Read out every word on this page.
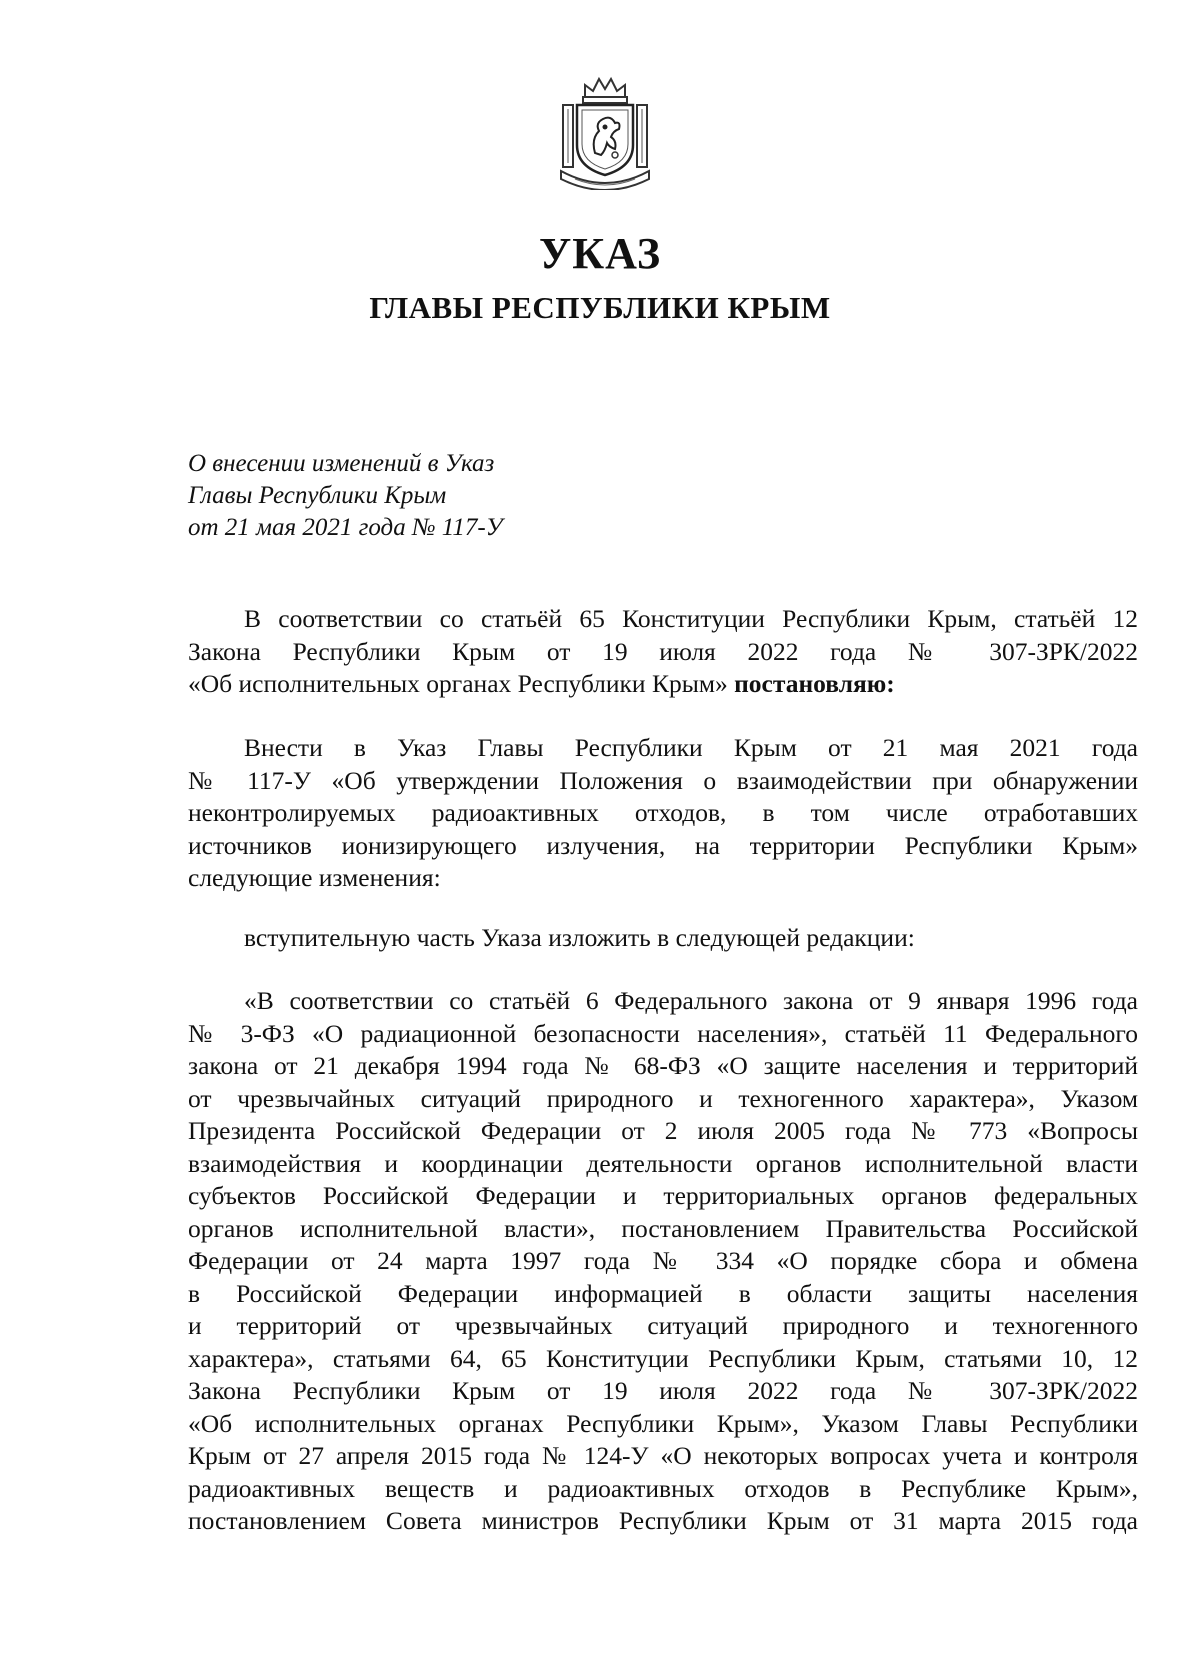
УКАЗ
ГЛАВЫ РЕСПУБЛИКИ КРЫМ
О внесении изменений в Указ
Главы Республики Крым
от 21 мая 2021 года № 117-У
В соответствии со статьёй 65 Конституции Республики Крым, статьёй 12
Закона Республики Крым от 19 июля 2022 года № 307-ЗРК/2022
«Об исполнительных органах Республики Крым» постановляю:
Внести в Указ Главы Республики Крым от 21 мая 2021 года
№ 117-У «Об утверждении Положения о взаимодействии при обнаружении
неконтролируемых радиоактивных отходов, в том числе отработавших
источников ионизирующего излучения, на территории Республики Крым»
следующие изменения:
вступительную часть Указа изложить в следующей редакции:
«В соответствии со статьёй 6 Федерального закона от 9 января 1996 года
№ 3-ФЗ «О радиационной безопасности населения», статьёй 11 Федерального
закона от 21 декабря 1994 года № 68-ФЗ «О защите населения и территорий
от чрезвычайных ситуаций природного и техногенного характера», Указом
Президента Российской Федерации от 2 июля 2005 года № 773 «Вопросы
взаимодействия и координации деятельности органов исполнительной власти
субъектов Российской Федерации и территориальных органов федеральных
органов исполнительной власти», постановлением Правительства Российской
Федерации от 24 марта 1997 года № 334 «О порядке сбора и обмена
в Российской Федерации информацией в области защиты населения
и территорий от чрезвычайных ситуаций природного и техногенного
характера», статьями 64, 65 Конституции Республики Крым, статьями 10, 12
Закона Республики Крым от 19 июля 2022 года № 307-ЗРК/2022
«Об исполнительных органах Республики Крым», Указом Главы Республики
Крым от 27 апреля 2015 года № 124-У «О некоторых вопросах учета и контроля
радиоактивных веществ и радиоактивных отходов в Республике Крым»,
постановлением Совета министров Республики Крым от 31 марта 2015 года
